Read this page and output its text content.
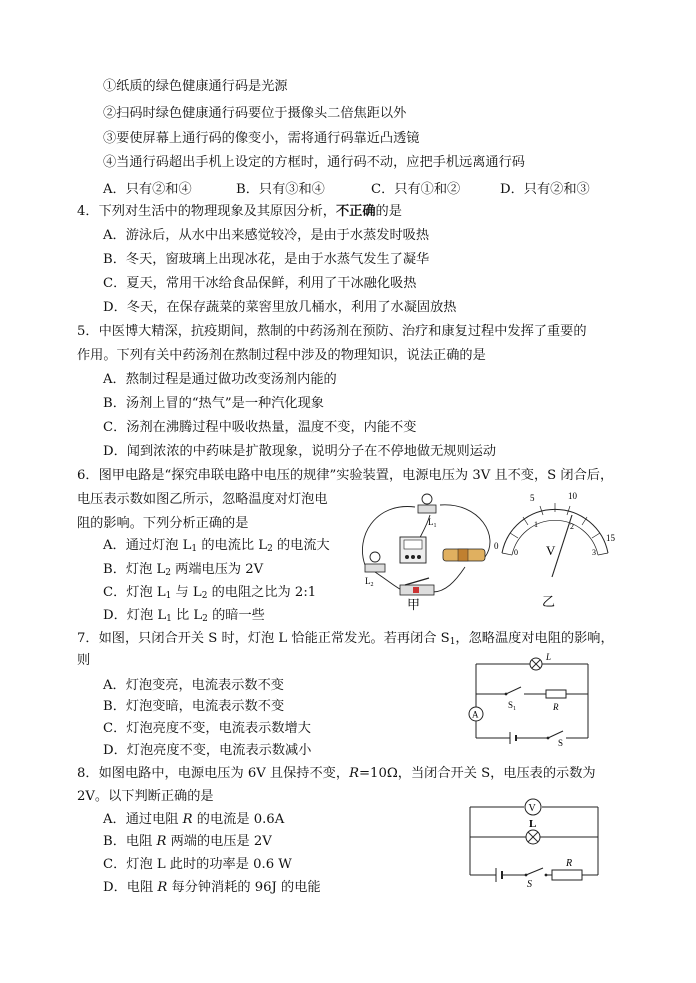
①纸质的绿色健康通行码是光源
②扫码时绿色健康通行码要位于摄像头二倍焦距以外
③要使屏幕上通行码的像变小，需将通行码靠近凸透镜
④当通行码超出手机上设定的方框时，通行码不动，应把手机远离通行码
A．只有②和④	B．只有③和④	C．只有①和②	D．只有②和③
4．下列对生活中的物理现象及其原因分析，不正确的是
A．游泳后，从水中出来感觉较冷，是由于水蒸发时吸热
B．冬天，窗玻璃上出现冰花，是由于水蒸气发生了凝华
C．夏天，常用干冰给食品保鲜，利用了干冰融化吸热
D．冬天，在保存蔬菜的菜窖里放几桶水，利用了水凝固放热
5．中医博大精深，抗疫期间，熬制的中药汤剂在预防、治疗和康复过程中发挥了重要的
作用。下列有关中药汤剂在熬制过程中涉及的物理知识，说法正确的是
A．熬制过程是通过做功改变汤剂内能的
B．汤剂上冒的“热气”是一种汽化现象
C．汤剂在沸腾过程中吸收热量，温度不变，内能不变
D．闻到浓浓的中药味是扩散现象，说明分子在不停地做无规则运动
6．图甲电路是“探究串联电路中电压的规律”实验装置，电源电压为 3V 且不变，S 闭合后，
电压表示数如图乙所示，忽略温度对灯泡电
阻的影响。下列分析正确的是
A．通过灯泡 $L_1$ 的电流比 $L_2$ 的电流大
B．灯泡 $L_2$ 两端电压为 2V
C．灯泡 $L_1$ 与 $L_2$ 的电阻之比为 2:1
D．灯泡 $L_1$ 比 $L_2$ 的暗一些
$L_1$
$L_2$
甲
0
5	10
15
0
1	2
3
V
乙
7．如图，只闭合开关 S 时，灯泡 L 恰能正常发光。若再闭合 $S_1$，忽略温度对电阻的影响，
则
A．灯泡变亮，电流表示数不变
B．灯泡变暗，电流表示数不变
C．灯泡亮度不变，电流表示数增大
D．灯泡亮度不变，电流表示数减小
L
$S_1$	R
A
S
8．如图电路中，电源电压为 6V 且保持不变，R=10Ω，当闭合开关 S，电压表的示数为
2V。以下判断正确的是
A．通过电阻 R 的电流是 0.6A
B．电阻 R 两端的电压是 2V
C．灯泡 L 此时的功率是 0.6 W
D．电阻 R 每分钟消耗的 96J 的电能
V
L
S
R
